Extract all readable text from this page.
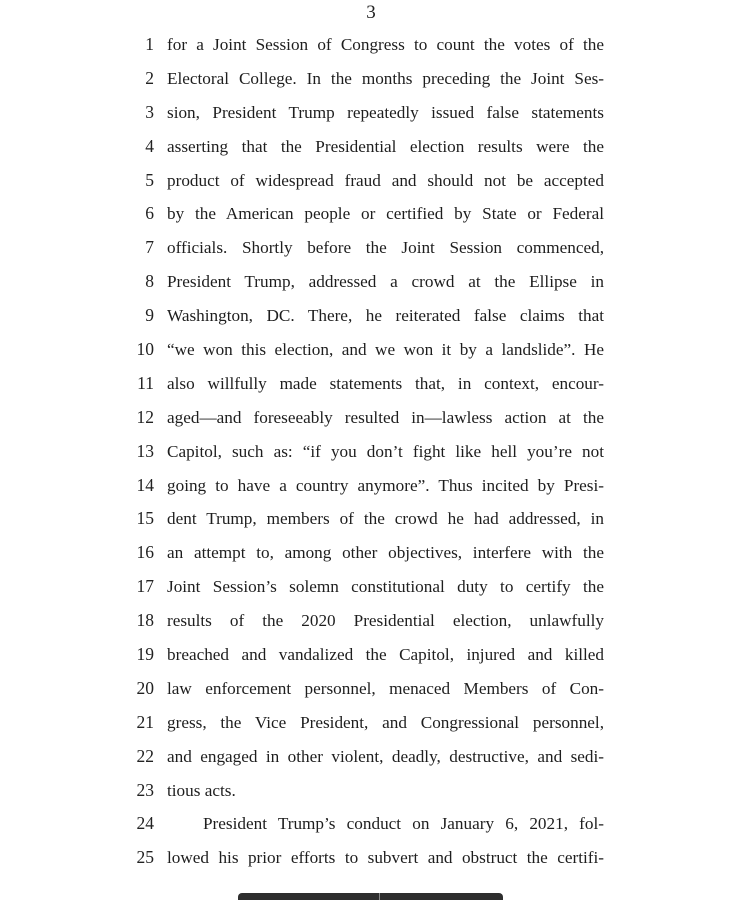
3
1 for a Joint Session of Congress to count the votes of the
2 Electoral College. In the months preceding the Joint Ses-
3 sion, President Trump repeatedly issued false statements
4 asserting that the Presidential election results were the
5 product of widespread fraud and should not be accepted
6 by the American people or certified by State or Federal
7 officials. Shortly before the Joint Session commenced,
8 President Trump, addressed a crowd at the Ellipse in
9 Washington, DC. There, he reiterated false claims that
10 “we won this election, and we won it by a landslide”. He
11 also willfully made statements that, in context, encour-
12 aged—and foreseeably resulted in—lawless action at the
13 Capitol, such as: “if you don’t fight like hell you’re not
14 going to have a country anymore”. Thus incited by Presi-
15 dent Trump, members of the crowd he had addressed, in
16 an attempt to, among other objectives, interfere with the
17 Joint Session’s solemn constitutional duty to certify the
18 results of the 2020 Presidential election, unlawfully
19 breached and vandalized the Capitol, injured and killed
20 law enforcement personnel, menaced Members of Con-
21 gress, the Vice President, and Congressional personnel,
22 and engaged in other violent, deadly, destructive, and sedi-
23 tious acts.
24	President Trump’s conduct on January 6, 2021, fol-
25 lowed his prior efforts to subvert and obstruct the certifi-
